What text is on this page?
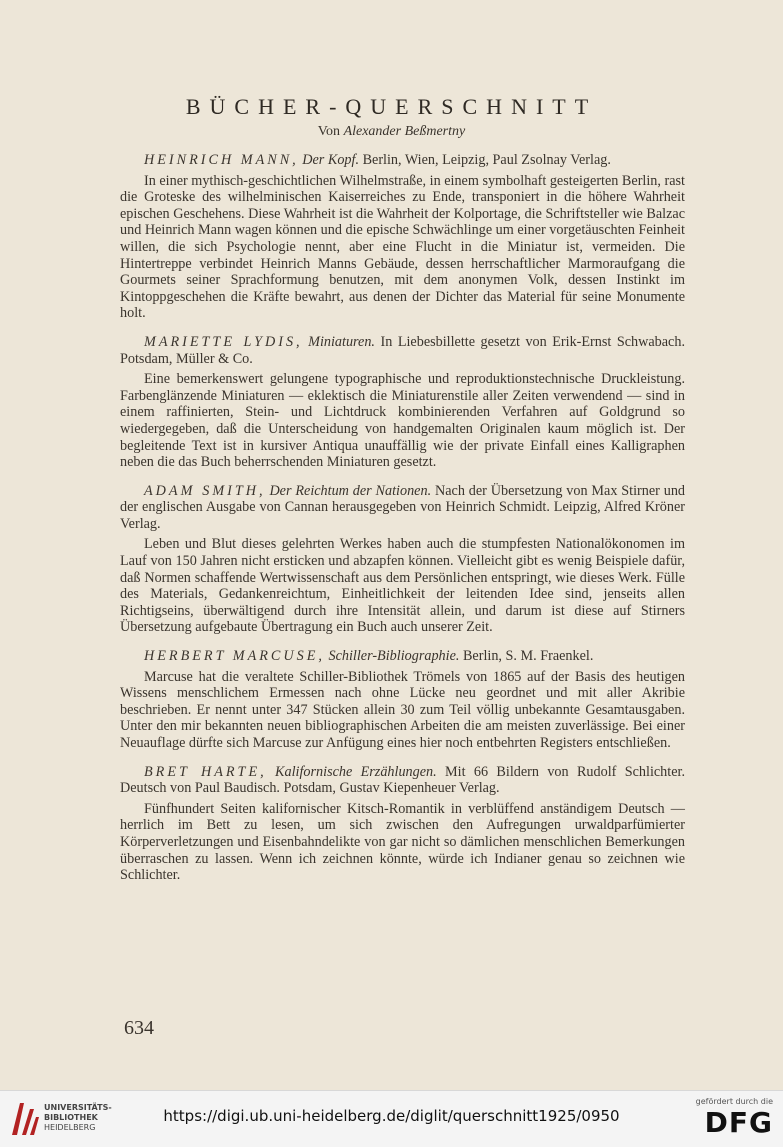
BÜCHER-QUERSCHNITT
Von Alexander Beßmertny

HEINRICH MANN, Der Kopf. Berlin, Wien, Leipzig, Paul Zsolnay Verlag.

In einer mythisch-geschichtlichen Wilhelmstraße, in einem symbolhaft gesteigerten Berlin, rast die Groteske des wilhelminischen Kaiserreiches zu Ende, transponiert in die höhere Wahrheit epischen Geschehens. Diese Wahrheit ist die Wahrheit der Kolportage, die Schriftsteller wie Balzac und Heinrich Mann wagen können und die epische Schwächlinge um einer vorgetäuschten Feinheit willen, die sich Psychologie nennt, aber eine Flucht in die Miniatur ist, vermeiden. Die Hintertreppe verbindet Heinrich Manns Gebäude, dessen herrschaftlicher Marmoraufgang die Gourmets seiner Sprachformung benutzen, mit dem anonymen Volk, dessen Instinkt im Kintoppgeschehen die Kräfte bewahrt, aus denen der Dichter das Material für seine Monumente holt.

MARIETTE LYDIS, Miniaturen. In Liebesbillette gesetzt von Erik-Ernst Schwabach. Potsdam, Müller & Co.

Eine bemerkenswert gelungene typographische und reproduktionstechnische Druckleistung. Farbenglänzende Miniaturen — eklektisch die Miniaturenstile aller Zeiten verwendend — sind in einem raffinierten, Stein- und Lichtdruck kombinierenden Verfahren auf Goldgrund so wiedergegeben, daß die Unterscheidung von handgemalten Originalen kaum möglich ist. Der begleitende Text ist in kursiver Antiqua unauffällig wie der private Einfall eines Kalligraphen neben die das Buch beherrschenden Miniaturen gesetzt.

ADAM SMITH, Der Reichtum der Nationen. Nach der Übersetzung von Max Stirner und der englischen Ausgabe von Cannan herausgegeben von Heinrich Schmidt. Leipzig, Alfred Kröner Verlag.

Leben und Blut dieses gelehrten Werkes haben auch die stumpfesten Nationalökonomen im Lauf von 150 Jahren nicht ersticken und abzapfen können. Vielleicht gibt es wenig Beispiele dafür, daß Normen schaffende Wertwissenschaft aus dem Persönlichen entspringt, wie dieses Werk. Fülle des Materials, Gedankenreichtum, Einheitlichkeit der leitenden Idee sind, jenseits allen Richtigseins, überwältigend durch ihre Intensität allein, und darum ist diese auf Stirners Übersetzung aufgebaute Übertragung ein Buch auch unserer Zeit.

HERBERT MARCUSE, Schiller-Bibliographie. Berlin, S. M. Fraenkel.

Marcuse hat die veraltete Schiller-Bibliothek Trömels von 1865 auf der Basis des heutigen Wissens menschlichem Ermessen nach ohne Lücke neu geordnet und mit aller Akribie beschrieben. Er nennt unter 347 Stücken allein 30 zum Teil völlig unbekannte Gesamtausgaben. Unter den mir bekannten neuen bibliographischen Arbeiten die am meisten zuverlässige. Bei einer Neuauflage dürfte sich Marcuse zur Anfügung eines hier noch entbehrten Registers entschließen.

BRET HARTE, Kalifornische Erzählungen. Mit 66 Bildern von Rudolf Schlichter. Deutsch von Paul Baudisch. Potsdam, Gustav Kiepenheuer Verlag.

Fünfhundert Seiten kalifornischer Kitsch-Romantik in verblüffend anständigem Deutsch — herrlich im Bett zu lesen, um sich zwischen den Aufregungen urwaldparfümierter Körperverletzungen und Eisenbahndelikte von gar nicht so dämlichen menschlichen Bemerkungen überraschen zu lassen. Wenn ich zeichnen könnte, würde ich Indianer genau so zeichnen wie Schlichter.

634
UNIVERSITÄTS-
BIBLIOTHEK
HEIDELBERG
https://digi.ub.uni-heidelberg.de/diglit/querschnitt1925/0950
gefördert durch die
DFG
